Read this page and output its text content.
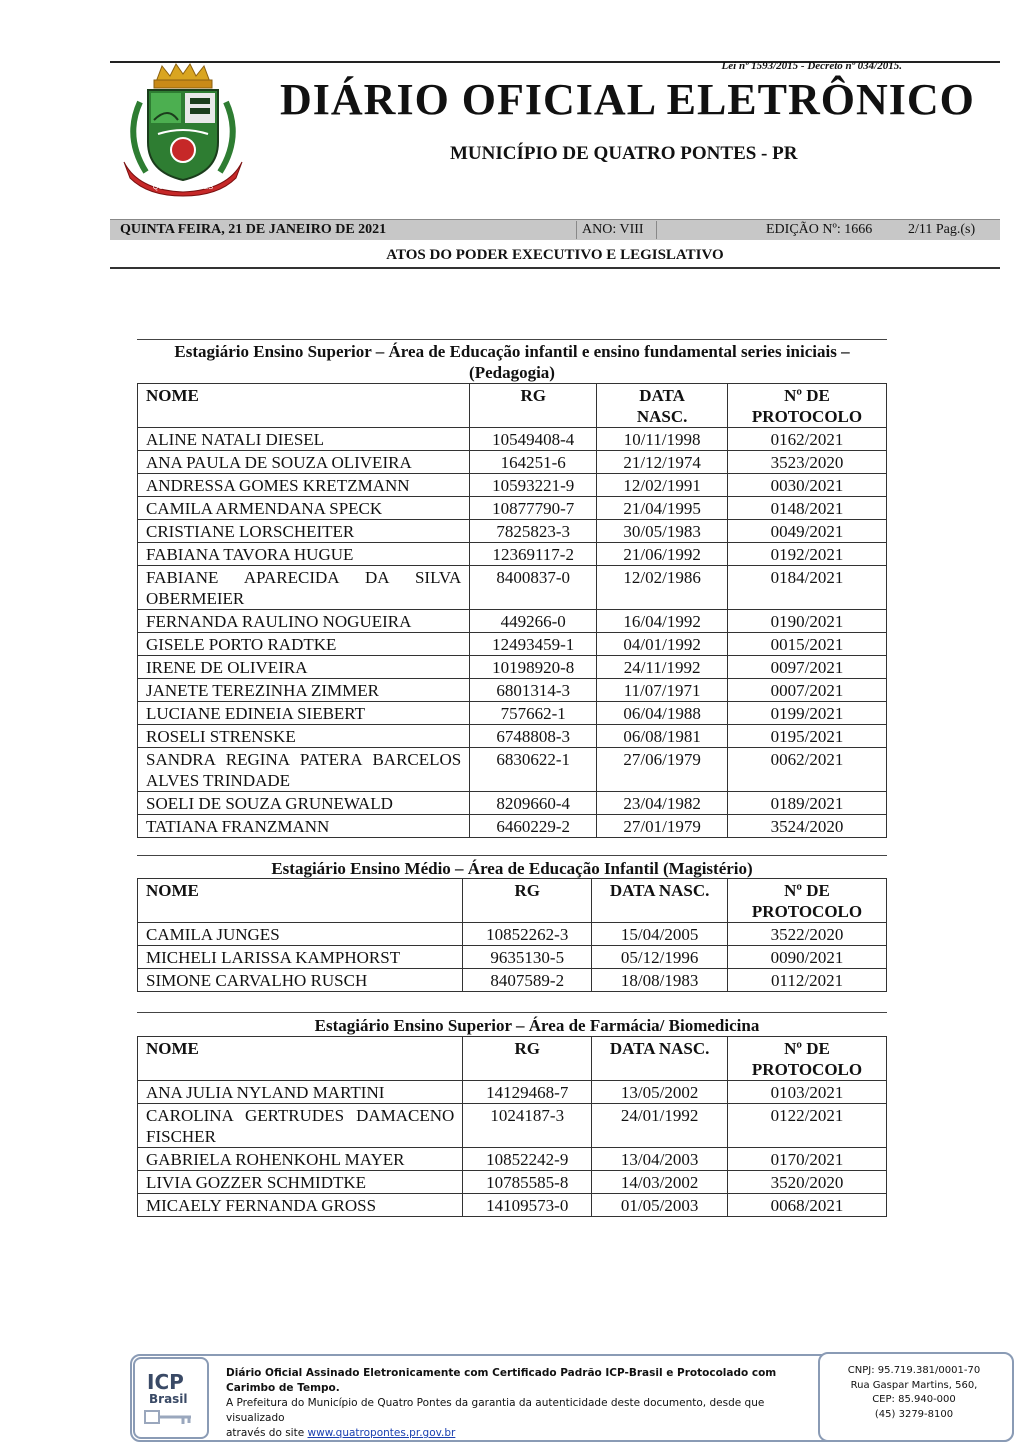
Lei nº 1593/2015 - Decreto nº 034/2015.
QUATRO PONTES
DIÁRIO OFICIAL ELETRÔNICO
MUNICÍPIO DE QUATRO PONTES - PR
QUINTA FEIRA, 21 DE JANEIRO DE 2021	ANO: VIII	EDIÇÃO Nº: 1666	2/11 Pag.(s)
ATOS DO PODER EXECUTIVO E LEGISLATIVO
Estagiário Ensino Superior – Área de Educação infantil e ensino fundamental series iniciais – (Pedagogia)
NOME	RG	DATA NASC.	Nº DE PROTOCOLO
ALINE NATALI DIESEL	10549408-4	10/11/1998	0162/2021
ANA PAULA DE SOUZA OLIVEIRA	164251-6	21/12/1974	3523/2020
ANDRESSA GOMES KRETZMANN	10593221-9	12/02/1991	0030/2021
CAMILA ARMENDANA SPECK	10877790-7	21/04/1995	0148/2021
CRISTIANE LORSCHEITER	7825823-3	30/05/1983	0049/2021
FABIANA TAVORA HUGUE	12369117-2	21/06/1992	0192/2021
FABIANE APARECIDA DA SILVA OBERMEIER	8400837-0	12/02/1986	0184/2021
FERNANDA RAULINO NOGUEIRA	449266-0	16/04/1992	0190/2021
GISELE PORTO RADTKE	12493459-1	04/01/1992	0015/2021
IRENE DE OLIVEIRA	10198920-8	24/11/1992	0097/2021
JANETE TEREZINHA ZIMMER	6801314-3	11/07/1971	0007/2021
LUCIANE EDINEIA SIEBERT	757662-1	06/04/1988	0199/2021
ROSELI STRENSKE	6748808-3	06/08/1981	0195/2021
SANDRA REGINA PATERA BARCELOS ALVES TRINDADE	6830622-1	27/06/1979	0062/2021
SOELI DE SOUZA GRUNEWALD	8209660-4	23/04/1982	0189/2021
TATIANA FRANZMANN	6460229-2	27/01/1979	3524/2020
Estagiário Ensino Médio – Área de Educação Infantil (Magistério)
NOME	RG	DATA NASC.	Nº DE PROTOCOLO
CAMILA JUNGES	10852262-3	15/04/2005	3522/2020
MICHELI LARISSA KAMPHORST	9635130-5	05/12/1996	0090/2021
SIMONE CARVALHO RUSCH	8407589-2	18/08/1983	0112/2021
Estagiário Ensino Superior – Área de Farmácia/ Biomedicina
NOME	RG	DATA NASC.	Nº DE PROTOCOLO
ANA JULIA NYLAND MARTINI	14129468-7	13/05/2002	0103/2021
CAROLINA GERTRUDES DAMACENO FISCHER	1024187-3	24/01/1992	0122/2021
GABRIELA ROHENKOHL MAYER	10852242-9	13/04/2003	0170/2021
LIVIA GOZZER SCHMIDTKE	10785585-8	14/03/2002	3520/2020
MICAELY FERNANDA GROSS	14109573-0	01/05/2003	0068/2021
ICP
Brasil
Diário Oficial Assinado Eletronicamente com Certificado Padrão ICP-Brasil e Protocolado com Carimbo de Tempo.
A Prefeitura do Município de Quatro Pontes da garantia da autenticidade deste documento, desde que visualizado
através do site www.quatropontes.pr.gov.br
CNPJ: 95.719.381/0001-70
Rua Gaspar Martins, 560,
CEP: 85.940-000
(45) 3279-8100
